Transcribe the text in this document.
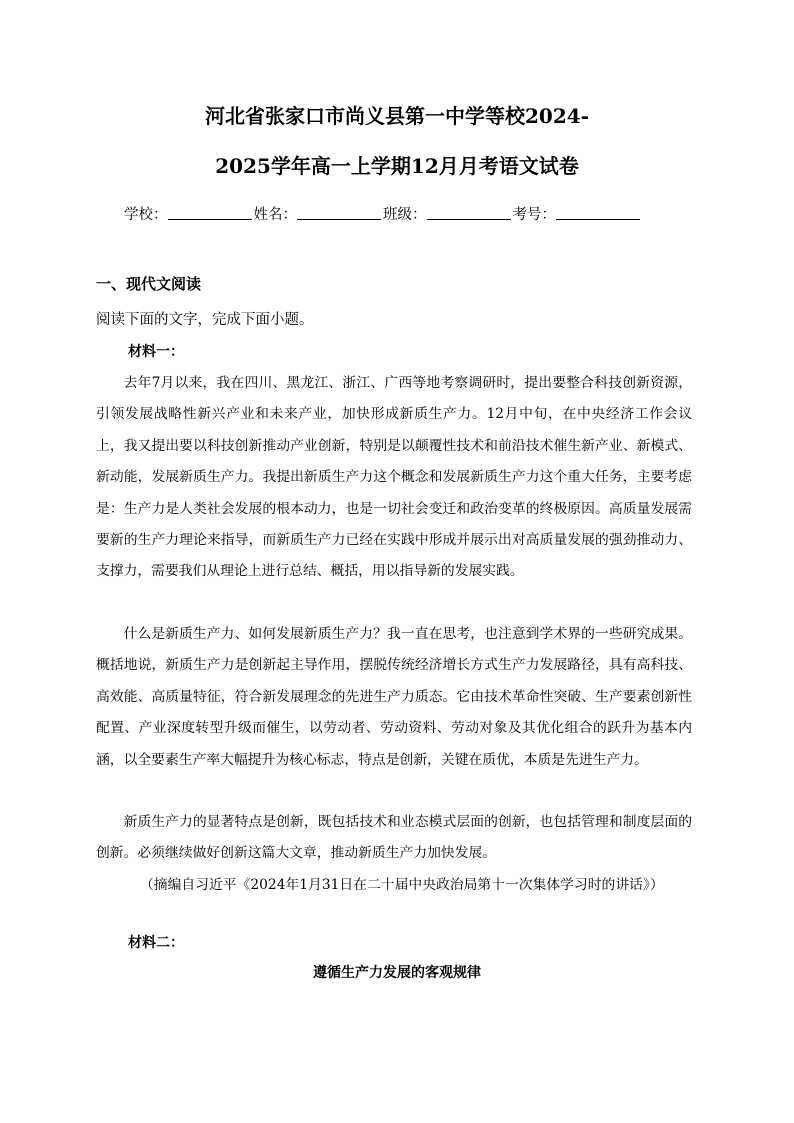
河北省张家口市尚义县第一中学等校2024-
2025学年高一上学期12月月考语文试卷
学校：	姓名：	班级：	考号：
一、现代文阅读
阅读下面的文字，完成下面小题。
材料一：

去年7月以来，我在四川、黑龙江、浙江、广西等地考察调研时，提出要整合科技创新资源，引领发展战略性新兴产业和未来产业，加快形成新质生产力。12月中旬，在中央经济工作会议上，我又提出要以科技创新推动产业创新，特别是以颠覆性技术和前沿技术催生新产业、新模式、新动能，发展新质生产力。我提出新质生产力这个概念和发展新质生产力这个重大任务，主要考虑是：生产力是人类社会发展的根本动力，也是一切社会变迁和政治变革的终极原因。高质量发展需要新的生产力理论来指导，而新质生产力已经在实践中形成并展示出对高质量发展的强劲推动力、支撑力，需要我们从理论上进行总结、概括，用以指导新的发展实践。

什么是新质生产力、如何发展新质生产力？我一直在思考，也注意到学术界的一些研究成果。概括地说，新质生产力是创新起主导作用，摆脱传统经济增长方式生产力发展路径，具有高科技、高效能、高质量特征，符合新发展理念的先进生产力质态。它由技术革命性突破、生产要素创新性配置、产业深度转型升级而催生，以劳动者、劳动资料、劳动对象及其优化组合的跃升为基本内涵，以全要素生产率大幅提升为核心标志，特点是创新，关键在质优，本质是先进生产力。

新质生产力的显著特点是创新，既包括技术和业态模式层面的创新，也包括管理和制度层面的创新。必须继续做好创新这篇大文章，推动新质生产力加快发展。

（摘编自习近平《2024年1月31日在二十届中央政治局第十一次集体学习时的讲话》）

材料二：
遵循生产力发展的客观规律
